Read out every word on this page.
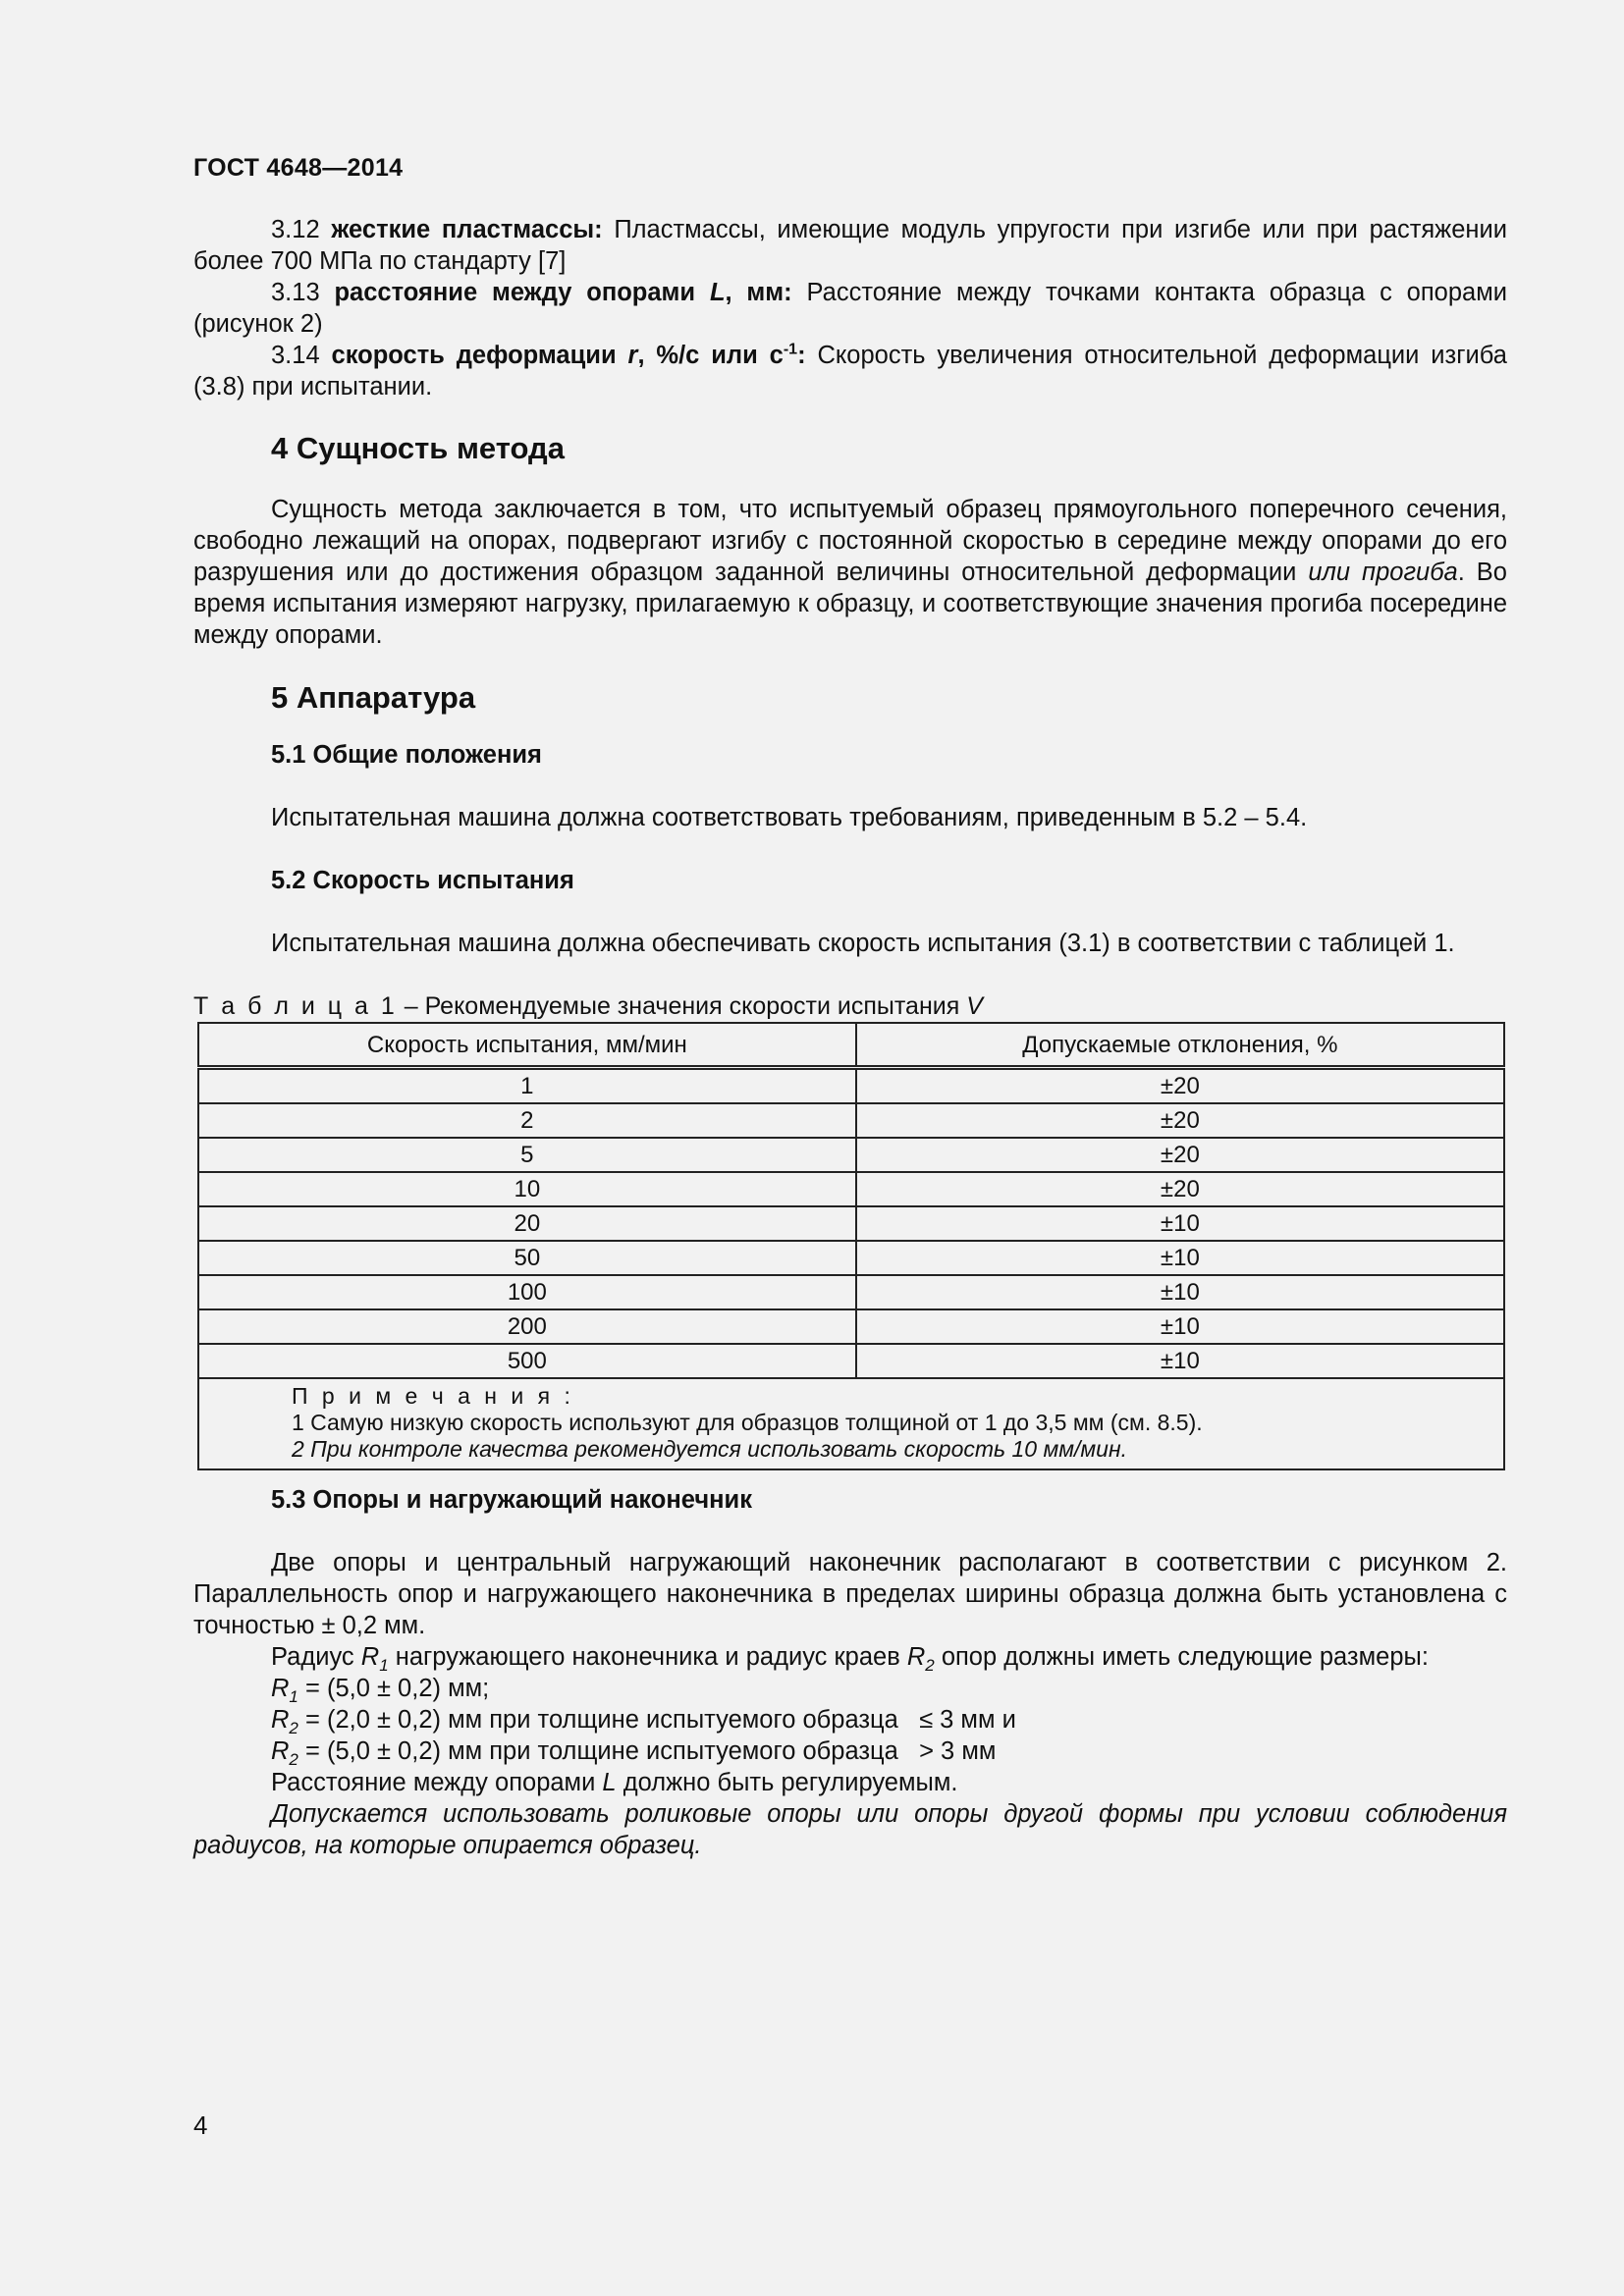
ГОСТ 4648—2014

3.12 жесткие пластмассы: Пластмассы, имеющие модуль упругости при изгибе или при растяжении более 700 МПа по стандарту [7]

3.13 расстояние между опорами L, мм: Расстояние между точками контакта образца с опорами (рисунок 2)

3.14 скорость деформации r, %/с или $с^{-1}$: Скорость увеличения относительной деформации изгиба (3.8) при испытании.

4 Сущность метода

Сущность метода заключается в том, что испытуемый образец прямоугольного поперечного сечения, свободно лежащий на опорах, подвергают изгибу с постоянной скоростью в середине между опорами до его разрушения или до достижения образцом заданной величины относительной деформации или прогиба. Во время испытания измеряют нагрузку, прилагаемую к образцу, и соответствующие значения прогиба посередине между опорами.

5 Аппаратура
5.1 Общие положения

Испытательная машина должна соответствовать требованиям, приведенным в 5.2 – 5.4.

5.2 Скорость испытания

Испытательная машина должна обеспечивать скорость испытания (3.1) в соответствии с таблицей 1.

Т а б л и ц а 1 – Рекомендуемые значения скорости испытания V

Скорость испытания, мм/мин	Допускаемые отклонения, %
1	±20
2	±20
5	±20
10	±20
20	±10
50	±10
100	±10
200	±10
500	±10

П р и м е ч а н и я :
1 Самую низкую скорость используют для образцов толщиной от 1 до 3,5 мм (см. 8.5).
2 При контроле качества рекомендуется использовать скорость 10 мм/мин.	
5.3 Опоры и нагружающий наконечник

Две опоры и центральный нагружающий наконечник располагают в соответствии с рисунком 2. Параллельность опор и нагружающего наконечника в пределах ширины образца должна быть установлена с точностью ± 0,2 мм.

Радиус $R_1$ нагружающего наконечника и радиус краев $R_2$ опор должны иметь следующие размеры:

$R_1 = (5,0 \pm 0,2)$ мм;

$R_2 = (2,0 \pm 0,2)$ мм при толщине испытуемого образца   ≤ 3 мм и

$R_2 = (5,0 \pm 0,2)$ мм при толщине испытуемого образца   > 3 мм

Расстояние между опорами L должно быть регулируемым.

Допускается использовать роликовые опоры или опоры другой формы при условии соблюдения радиусов, на которые опирается образец.

4
